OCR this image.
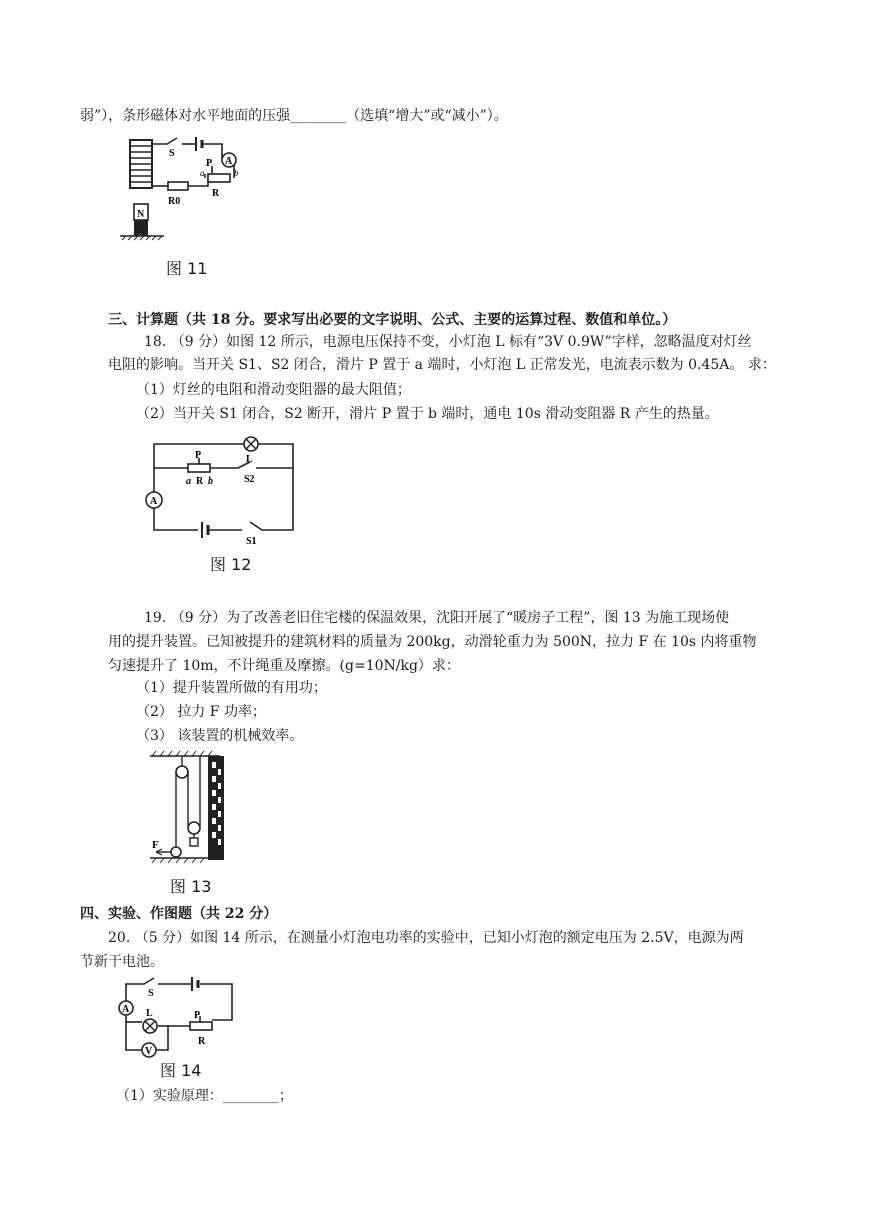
弱”），条形磁体对水平地面的压强________（选填“增大”或“减小”）。
A
S
P
a	b
R0
R
N
图 11
三、计算题（共 18 分。要求写出必要的文字说明、公式、主要的运算过程、数值和单位。）
18. （9 分）如图 12 所示，电源电压保持不变，小灯泡 L 标有“3V 0.9W”字样，忽略温度对灯丝
电阻的影响。当开关 S1、S2 闭合，滑片 P 置于 a 端时，小灯泡 L 正常发光，电流表示数为 0.45A。 求：
（1）灯丝的电阻和滑动变阻器的最大阻值；
（2）当开关 S1 闭合，S2 断开，滑片 P 置于 b 端时，通电 10s 滑动变阻器 R 产生的热量。
A
P	L
a R b	S2
S1
图 12
19. （9 分）为了改善老旧住宅楼的保温效果，沈阳开展了“暖房子工程”，图 13 为施工现场使
用的提升装置。已知被提升的建筑材料的质量为 200kg，动滑轮重力为 500N，拉力 F 在 10s 内将重物
匀速提升了 10m，不计绳重及摩擦。(g=10N/kg）求：
（1）提升装置所做的有用功；
（2） 拉力 F 功率；
（3） 该装置的机械效率。
F
图 13
四、实验、作图题（共 22 分）
20. （5 分）如图 14 所示，在测量小灯泡电功率的实验中，已知小灯泡的额定电压为 2.5V，电源为两
节新干电池。
A
V
S
L	P
R
图 14
（1）实验原理：________；
